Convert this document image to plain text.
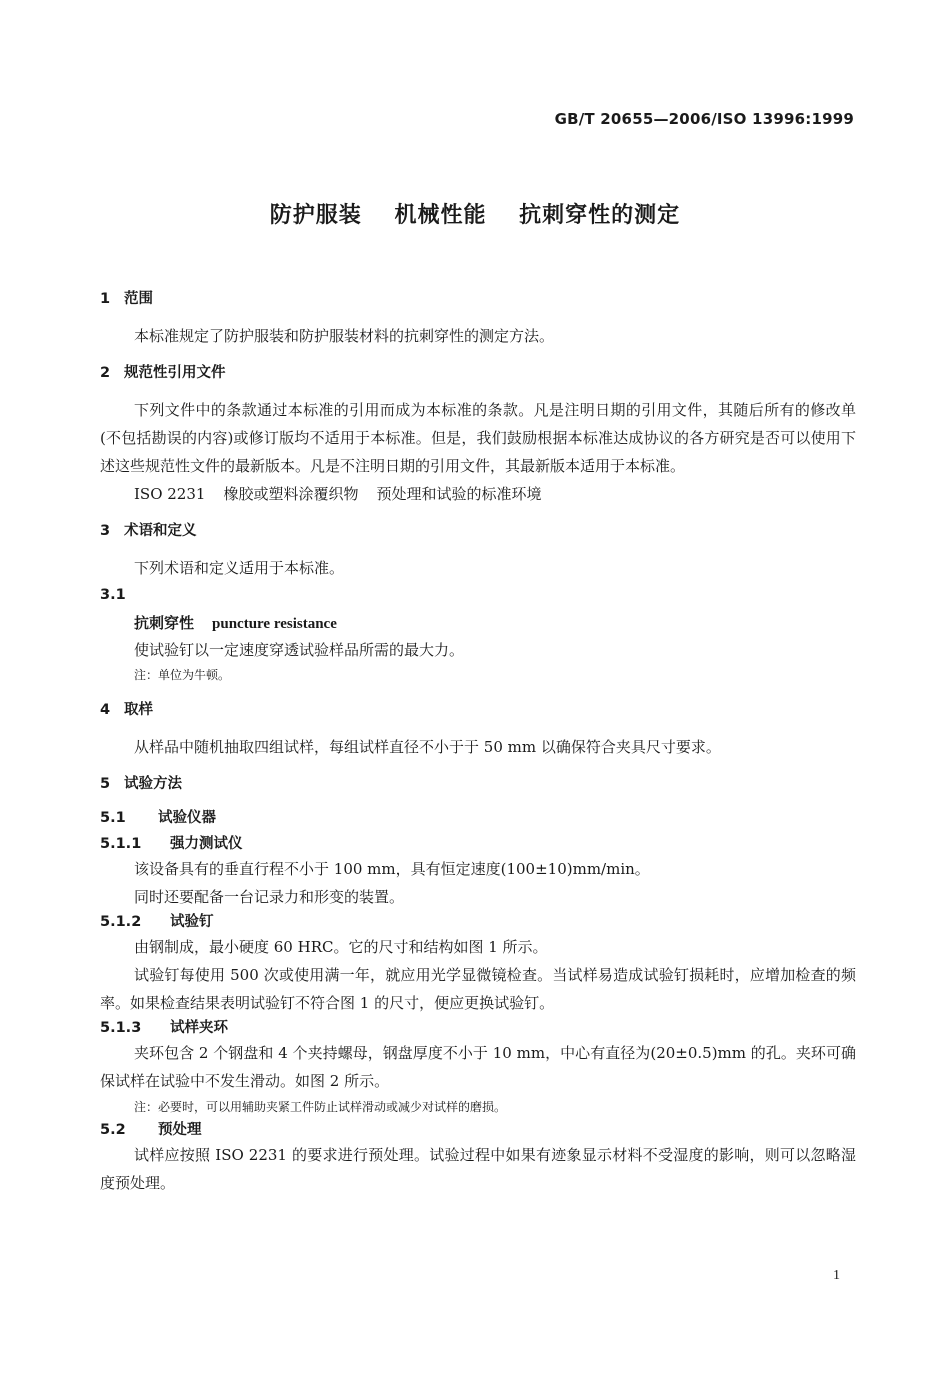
GB/T 20655—2006/ISO 13996:1999
防护服装 机械性能 抗刺穿性的测定

1 范围

本标准规定了防护服装和防护服装材料的抗刺穿性的测定方法。

2 规范性引用文件

下列文件中的条款通过本标准的引用而成为本标准的条款。凡是注明日期的引用文件，其随后所有的修改单(不包括勘误的内容)或修订版均不适用于本标准。但是，我们鼓励根据本标准达成协议的各方研究是否可以使用下述这些规范性文件的最新版本。凡是不注明日期的引用文件，其最新版本适用于本标准。

ISO 2231 橡胶或塑料涂覆织物 预处理和试验的标准环境

3 术语和定义

下列术语和定义适用于本标准。

3.1

抗刺穿性 puncture resistance

使试验钉以一定速度穿透试验样品所需的最大力。

注：单位为牛顿。

4 取样

从样品中随机抽取四组试样，每组试样直径不小于于 50 mm 以确保符合夹具尺寸要求。

5 试验方法

5.1 试验仪器

5.1.1 强力测试仪

该设备具有的垂直行程不小于 100 mm，具有恒定速度(100±10)mm/min。

同时还要配备一台记录力和形变的装置。

5.1.2 试验钉

由钢制成，最小硬度 60 HRC。它的尺寸和结构如图 1 所示。

试验钉每使用 500 次或使用满一年，就应用光学显微镜检查。当试样易造成试验钉损耗时，应增加检查的频率。如果检查结果表明试验钉不符合图 1 的尺寸，便应更换试验钉。

5.1.3 试样夹环

夹环包含 2 个钢盘和 4 个夹持螺母，钢盘厚度不小于 10 mm，中心有直径为(20±0.5)mm 的孔。夹环可确保试样在试验中不发生滑动。如图 2 所示。

注：必要时，可以用辅助夹紧工件防止试样滑动或减少对试样的磨损。

5.2 预处理

试样应按照 ISO 2231 的要求进行预处理。试验过程中如果有迹象显示材料不受湿度的影响，则可以忽略湿度预处理。

1
